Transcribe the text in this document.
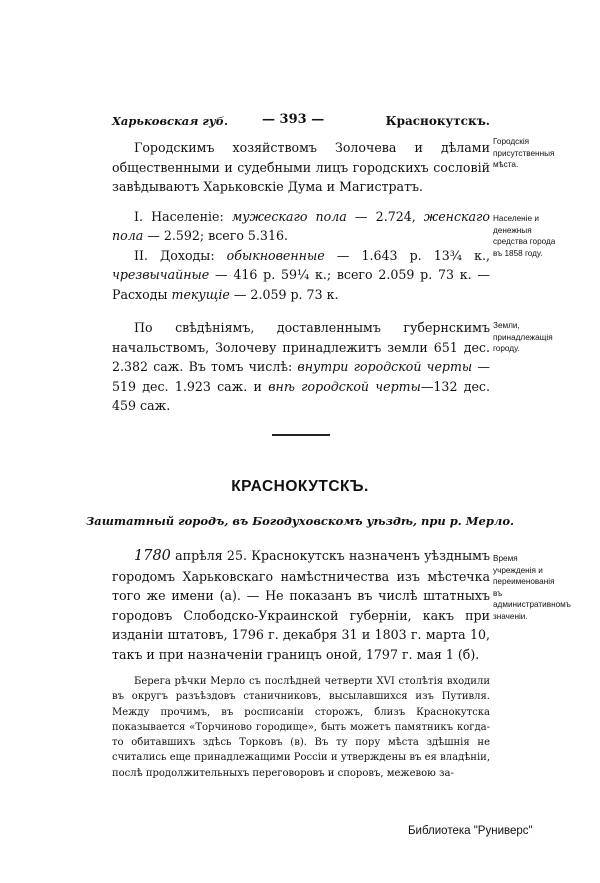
Харьковская губ.	— 393 —	Краснокутскъ.

Городскимъ хозяйствомъ Золочева и дѣлами общественными и судебными лицъ городскихъ сословій завѣдываютъ Харьковскіе Дума и Магистратъ.

I. Населеніе: мужескаго пола — 2.724, женскаго пола — 2.592; всего 5.316.

II. Доходы: обыкновенные — 1.643 р. 13¾ к., чрезвычайные — 416 р. 59¼ к.; всего 2.059 р. 73 к. — Расходы текущіе — 2.059 р. 73 к.

По свѣдѣніямъ, доставленнымъ губернскимъ начальствомъ, Золочеву принадлежитъ земли 651 дес. 2.382 саж. Въ томъ числѣ: внутри городской черты — 519 дес. 1.923 саж. и внѣ городской черты—132 дес. 459 саж.

Городскія присутственныя мѣста.
Населеніе и денежныя средства города въ 1858 году.
Земли, принадлежащія городу.
Время учрежденія и переименованія въ административномъ значеніи.
КРАСНОКУТСКЪ.
Заштатный городъ, въ Богодуховскомъ уѣздѣ, при р. Мерло.

1780 апрѣля 25. Краснокутскъ назначенъ уѣзднымъ городомъ Харьковскаго намѣстничества изъ мѣстечка того же имени (а). — Не показанъ въ числѣ штатныхъ городовъ Слободско-Украинской губерніи, какъ при изданіи штатовъ, 1796 г. декабря 31 и 1803 г. марта 10, такъ и при назначеніи границъ оной, 1797 г. мая 1 (б).

Берега рѣчки Мерло съ послѣдней четверти XVI столѣтія входили въ округъ разъѣздовъ станичниковъ, высылавшихся изъ Путивля. Между прочимъ, въ росписаніи сторожъ, близъ Краснокутска показывается «Торчиново городище», быть можетъ памятникъ когда-то обитавшихъ здѣсь Торковъ (в). Въ ту пору мѣста здѣшнія не считались еще принадлежащими Россіи и утверждены въ ея владѣніи, послѣ продолжительныхъ переговоровъ и споровъ, межевою за-

Библиотека "Руниверс"
